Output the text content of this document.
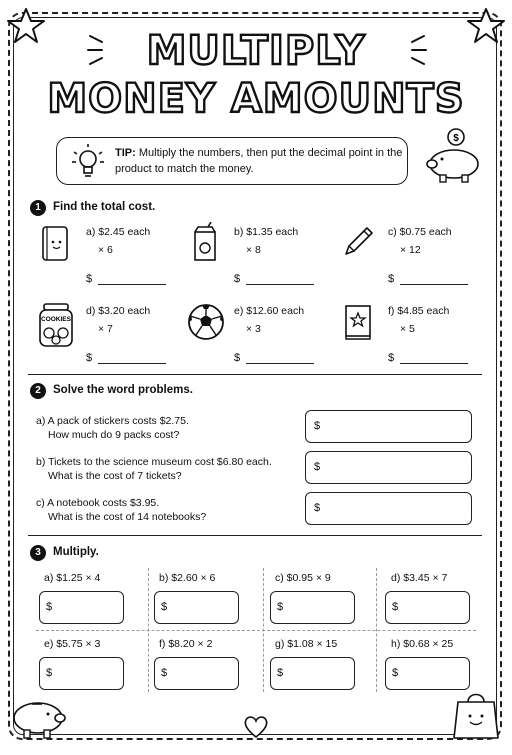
MULTIPLY
MONEY AMOUNTS
TIP: Multiply the numbers, then put the decimal point in the product to match the money.
$
1	Find the total cost.
a) $2.45 each
× 6
b) $1.35 each
× 8
c) $0.75 each
× 12
$	$	$
COOKIES
d) $3.20 each
× 7
e) $12.60 each
× 3
f) $4.85 each
× 5
$	$	$
2	Solve the word problems.
a) A pack of stickers costs $2.75.
How much do 9 packs cost?
$
b) Tickets to the science museum cost $6.80 each.
What is the cost of 7 tickets?
$
c) A notebook costs $3.95.
What is the cost of 14 notebooks?
$
3	Multiply.
a) $1.25 × 4	b) $2.60 × 6	c) $0.95 × 9	d) $3.45 × 7
$	$	$	$
e) $5.75 × 3	f) $8.20 × 2	g) $1.08 × 15	h) $0.68 × 25
$	$	$	$
